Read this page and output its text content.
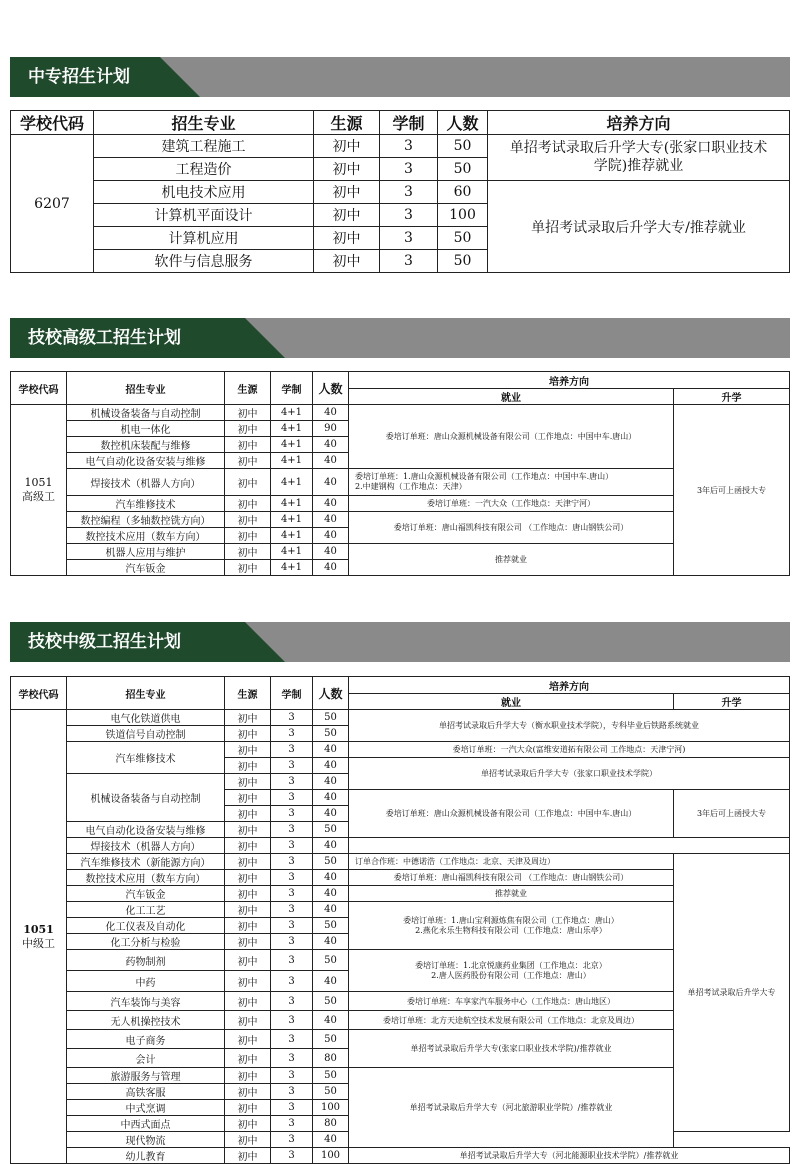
中专招生计划
学校代码	招生专业	生源	学制	人数	培养方向
6207	建筑工程施工	初中	3	50	单招考试录取后升学大专(张家口职业技术学院)推荐就业
	工程造价	初中	3	50	
	机电技术应用	初中	3	60	单招考试录取后升学大专/推荐就业
	计算机平面设计	初中	3	100	
	计算机应用	初中	3	50	
	软件与信息服务	初中	3	50	
技校高级工招生计划
学校代码	招生专业	生源	学制	人数	培养方向	
					就业	升学
1051
高级工	机械设备装备与自动控制	初中	4+1	40	委培订单班：唐山众源机械设备有限公司（工作地点：中国中车.唐山）	3年后可上函授大专
	机电一体化	初中	4+1	90		
	数控机床装配与维修	初中	4+1	40		
	电气自动化设备安装与维修	初中	4+1	40		
	焊接技术（机器人方向）	初中	4+1	40	委培订单班：1.唐山众源机械设备有限公司（工作地点：中国中车.唐山）
2.中建钢构（工作地点：天津）	
	汽车维修技术	初中	4+1	40	委培订单班：一汽大众（工作地点：天津宁河）	
	数控编程（多轴数控铣方向）	初中	4+1	40	委培订单班：唐山福凯科技有限公司 （工作地点：唐山钢铁公司）	
	数控技术应用（数车方向）	初中	4+1	40		
	机器人应用与维护	初中	4+1	40	推荐就业	
	汽车钣金	初中	4+1	40		
技校中级工招生计划
学校代码	招生专业	生源	学制	人数	培养方向	
					就业	升学
1051
中级工	电气化铁道供电	初中	3	50	单招考试录取后升学大专（衡水职业技术学院），专科毕业后铁路系统就业	
	铁道信号自动控制	初中	3	50		
	汽车维修技术	初中	3	40	委培订单班：一汽大众(富维安道拓有限公司 工作地点：天津宁河)	
		初中	3	40	单招考试录取后升学大专（张家口职业技术学院）	
	机械设备装备与自动控制	初中	3	40		
		初中	3	40	委培订单班：唐山众源机械设备有限公司（工作地点：中国中车.唐山）	3年后可上函授大专
		初中	3	40		
	电气自动化设备安装与维修	初中	3	50		
	焊接技术（机器人方向）	初中	3	40		
	汽车维修技术（新能源方向）	初中	3	50	订单合作班：中德诺浩（工作地点：北京、天津及周边）	单招考试录取后升学大专
	数控技术应用（数车方向）	初中	3	40	委培订单班：唐山福凯科技有限公司 （工作地点：唐山钢铁公司）	
	汽车钣金	初中	3	40	推荐就业	
	化工工艺	初中	3	40	委培订单班：1.唐山宝利源炼焦有限公司（工作地点：唐山）
2.燕化永乐生物科技有限公司（工作地点：唐山乐亭）	
	化工仪表及自动化	初中	3	50		
	化工分析与检验	初中	3	40		
	药物制剂	初中	3	50	委培订单班：1.北京悦康药业集团（工作地点：北京）
2.唐人医药股份有限公司（工作地点：唐山）	
	中药	初中	3	40		
	汽车装饰与美容	初中	3	50	委培订单班：车享家汽车服务中心（工作地点：唐山地区）	
	无人机操控技术	初中	3	40	委培订单班：北方天途航空技术发展有限公司（工作地点：北京及周边）	
	电子商务	初中	3	50	单招考试录取后升学大专(张家口职业技术学院)/推荐就业	
	会计	初中	3	80		
	旅游服务与管理	初中	3	50	单招考试录取后升学大专（河北旅游职业学院）/推荐就业	
	高铁客服	初中	3	50		
	中式烹调	初中	3	100		
	中西式面点	初中	3	80		
	现代物流	初中	3	40		
	幼儿教育	初中	3	100	单招考试录取后升学大专（河北能源职业技术学院）/推荐就业	
